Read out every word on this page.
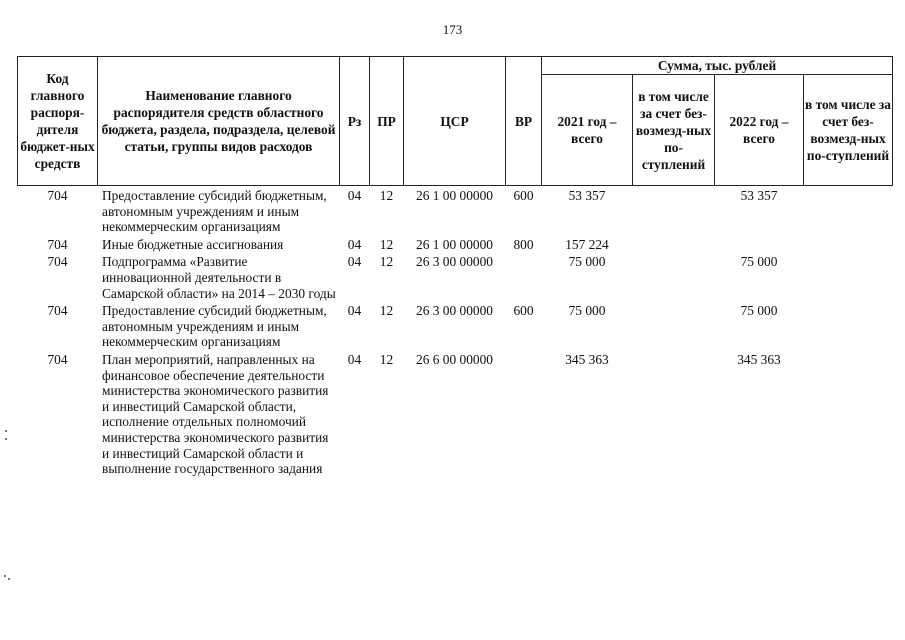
173
Код главного распоря-дителя бюджет-ных средств	Наименование главного распорядителя средств областного бюджета, раздела, подраздела, целевой статьи, группы видов расходов	Рз	ПР	ЦСР	ВР	Сумма, тыс. рублей			
						2021 год – всего	в том числе за счет без-возмезд-ных по-ступлений	2022 год – всего	в том числе за счет без-возмезд-ных по-ступлений
704	Предоставление субсидий бюджетным, автономным учреждениям и иным некоммерческим организациям	04	12	26 1 00 00000	600	53 357		53 357	
704	Иные бюджетные ассигнования	04	12	26 1 00 00000	800	157 224			
704	Подпрограмма «Развитие инновационной деятельности в Самарской области» на 2014 – 2030 годы	04	12	26 3 00 00000		75 000		75 000	
704	Предоставление субсидий бюджетным, автономным учреждениям и иным некоммерческим организациям	04	12	26 3 00 00000	600	75 000		75 000	
704	План мероприятий, направленных на финансовое обеспечение деятельности министерства экономического развития и инвестиций Самарской области, исполнение отдельных полномочий министерства экономического развития и инвестиций Самарской области и выполнение государственного задания	04	12	26 6 00 00000		345 363		345 363	
